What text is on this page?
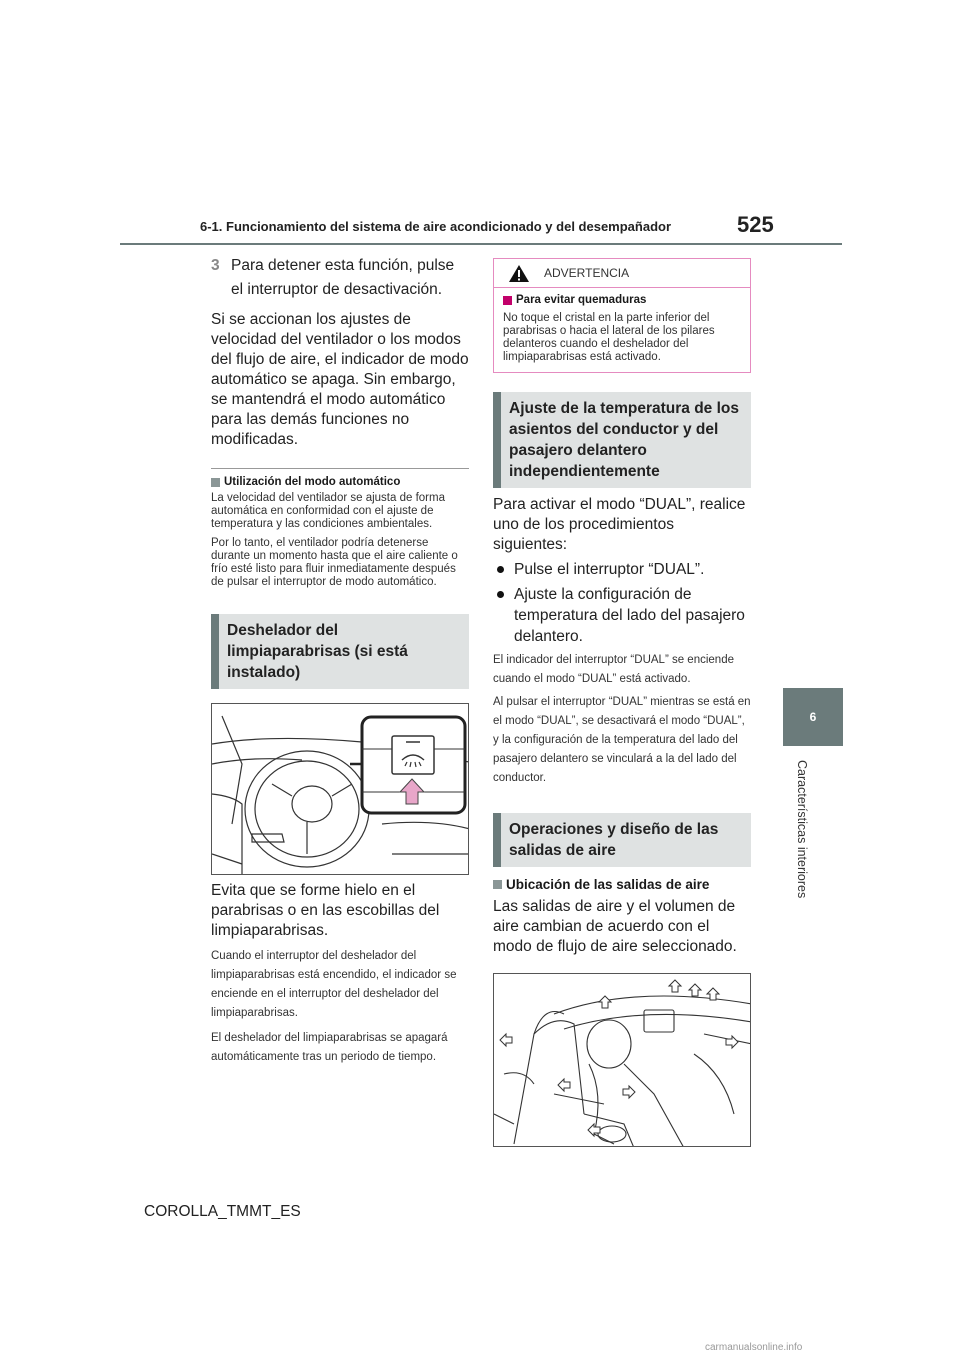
6-1. Funcionamiento del sistema de aire acondicionado y del desempañador	525
6
Características interiores
3 Para detener esta función, pulse el interruptor de desactivación.
Si se accionan los ajustes de velocidad del ventilador o los modos del flujo de aire, el indicador de modo automático se apaga. Sin embargo, se mantendrá el modo automático para las demás funciones no modificadas.
Utilización del modo automático
La velocidad del ventilador se ajusta de forma automática en conformidad con el ajuste de temperatura y las condiciones ambientales.
Por lo tanto, el ventilador podría detenerse durante un momento hasta que el aire caliente o frío esté listo para fluir inmediatamente después de pulsar el interruptor de modo automático.
Deshelador del limpiaparabrisas (si está instalado)
Evita que se forme hielo en el parabrisas o en las escobillas del limpiaparabrisas.
Cuando el interruptor del deshelador del limpiaparabrisas está encendido, el indicador se enciende en el interruptor del deshelador del limpiaparabrisas.
El deshelador del limpiaparabrisas se apagará automáticamente tras un periodo de tiempo.
ADVERTENCIA
Para evitar quemaduras
No toque el cristal en la parte inferior del parabrisas o hacia el lateral de los pilares delanteros cuando el deshelador del limpiaparabrisas está activado.
Ajuste de la temperatura de los asientos del conductor y del pasajero delantero independientemente
Para activar el modo “DUAL”, realice uno de los procedimientos siguientes:
Pulse el interruptor “DUAL”.
Ajuste la configuración de temperatura del lado del pasajero delantero.
El indicador del interruptor “DUAL” se enciende cuando el modo “DUAL” está activado.
Al pulsar el interruptor “DUAL” mientras se está en el modo “DUAL”, se desactivará el modo “DUAL”, y la configuración de la temperatura del lado del pasajero delantero se vinculará a la del lado del conductor.
Operaciones y diseño de las salidas de aire
Ubicación de las salidas de aire
Las salidas de aire y el volumen de aire cambian de acuerdo con el modo de flujo de aire seleccionado.
COROLLA_TMMT_ES
carmanualsonline.info
